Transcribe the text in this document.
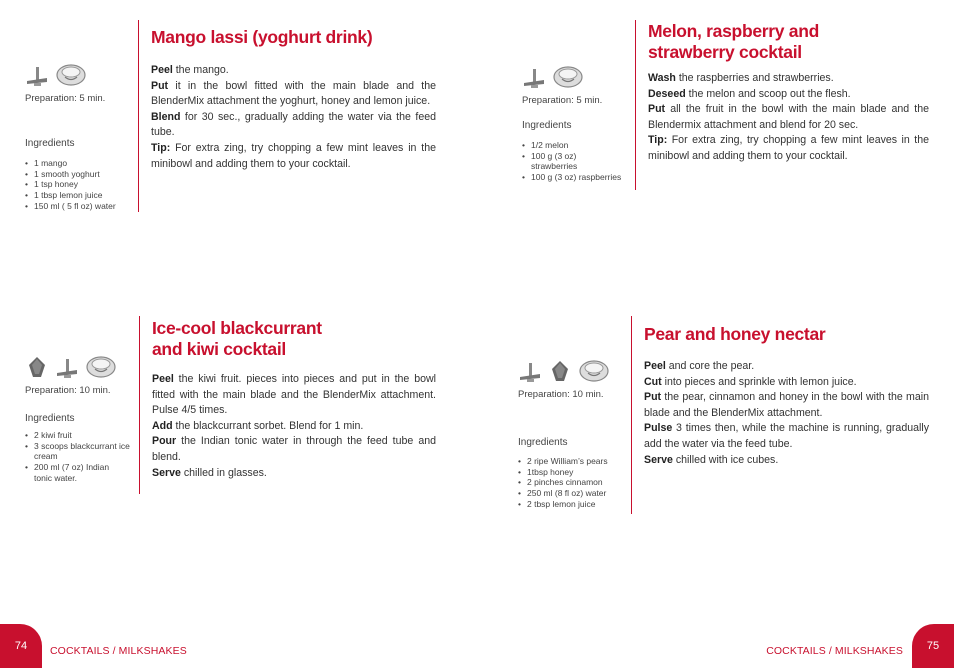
Preparation: 5 min.
Ingredients
• 1 mango
• 1 smooth yoghurt
• 1 tsp honey
• 1 tbsp lemon juice
• 150 ml ( 5 fl oz) water
Mango lassi (yoghurt drink)

Peel the mango.

Put it in the bowl fitted with the main blade and the BlenderMix attachment the yoghurt, honey and lemon juice.

Blend for 30 sec., gradually adding the water via the feed tube.

Tip: For extra zing, try chopping a few mint leaves in the minibowl and adding them to your cocktail.

Preparation: 5 min.
Ingredients
• 1/2 melon
• 100 g (3 oz) strawberries
• 100 g (3 oz) raspberries
Melon, raspberry and
strawberry cocktail

Wash the raspberries and strawberries.

Deseed the melon and scoop out the flesh.

Put all the fruit in the bowl with the main blade and the Blendermix attachment and blend for 20 sec.

Tip: For extra zing, try chopping a few mint leaves in the minibowl and adding them to your cocktail.

Preparation: 10 min.
Ingredients
• 2 kiwi fruit
• 3 scoops blackcurrant ice cream
• 200 ml (7 oz) Indian tonic water.
Ice-cool blackcurrant
and kiwi cocktail

Peel the kiwi fruit. pieces into pieces and put in the bowl fitted with the main blade and the BlenderMix attachment. Pulse 4/5 times.

Add the blackcurrant sorbet. Blend for 1 min.

Pour the Indian tonic water in through the feed tube and blend.

Serve chilled in glasses.

Preparation: 10 min.
Ingredients
• 2 ripe William’s pears
• 1tbsp honey
• 2 pinches cinnamon
• 250 ml (8 fl oz) water
• 2 tbsp lemon juice
Pear and honey nectar

Peel and core the pear.

Cut into pieces and sprinkle with lemon juice.

Put the pear, cinnamon and honey in the bowl with the main blade and the BlenderMix attachment.

Pulse 3 times then, while the machine is running, gradually add the water via the feed tube.

Serve chilled with ice cubes.

74	COCKTAILS / MILKSHAKES	COCKTAILS / MILKSHAKES	75
